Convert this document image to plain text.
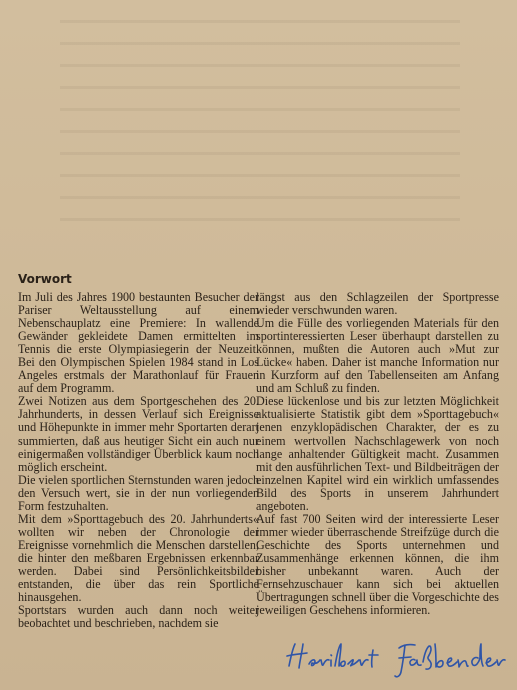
Vorwort

Im Juli des Jahres 1900 bestaunten Besucher der Pariser Weltausstellung auf einem Nebenschauplatz eine Premiere: In wallende Gewänder gekleidete Damen ermittelten im Tennis die erste Olympiasiegerin der Neuzeit. Bei den Olympischen Spielen 1984 stand in Los Angeles erstmals der Marathonlauf für Frauen auf dem Programm.

Zwei Notizen aus dem Sportgeschehen des 20. Jahrhunderts, in dessen Verlauf sich Ereignisse und Höhepunkte in immer mehr Sportarten derart summierten, daß aus heutiger Sicht ein auch nur einigermaßen vollständiger Überblick kaum noch möglich erscheint.

Die vielen sportlichen Sternstunden waren jedoch den Versuch wert, sie in der nun vorliegenden Form festzuhalten.

Mit dem »Sporttagebuch des 20. Jahrhunderts« wollten wir neben der Chronologie der Ereignisse vornehmlich die Menschen darstellen, die hinter den meßbaren Ergebnissen erkennbar werden. Dabei sind Persönlichkeitsbilder entstanden, die über das rein Sportliche hinausgehen.

Sportstars wurden auch dann noch weiter beobachtet und beschrieben, nachdem sie

längst aus den Schlagzeilen der Sportpresse wieder verschwunden waren.

Um die Fülle des vorliegenden Materials für den sportinteressierten Leser überhaupt darstellen zu können, mußten die Autoren auch »Mut zur Lücke« haben. Daher ist manche Information nur in Kurzform auf den Tabellenseiten am Anfang und am Schluß zu finden.

Diese lückenlose und bis zur letzten Möglichkeit aktualisierte Statistik gibt dem »Sporttagebuch« jenen enzyklopädischen Charakter, der es zu einem wertvollen Nachschlagewerk von noch lange anhaltender Gültigkeit macht. Zusammen mit den ausführlichen Text- und Bildbeiträgen der einzelnen Kapitel wird ein wirklich umfassendes Bild des Sports in unserem Jahrhundert angeboten.

Auf fast 700 Seiten wird der interessierte Leser immer wieder überraschende Streifzüge durch die Geschichte des Sports unternehmen und Zusammenhänge erkennen können, die ihm bisher unbekannt waren. Auch der Fernsehzuschauer kann sich bei aktuellen Übertragungen schnell über die Vorgeschichte des jeweiligen Geschehens informieren.
